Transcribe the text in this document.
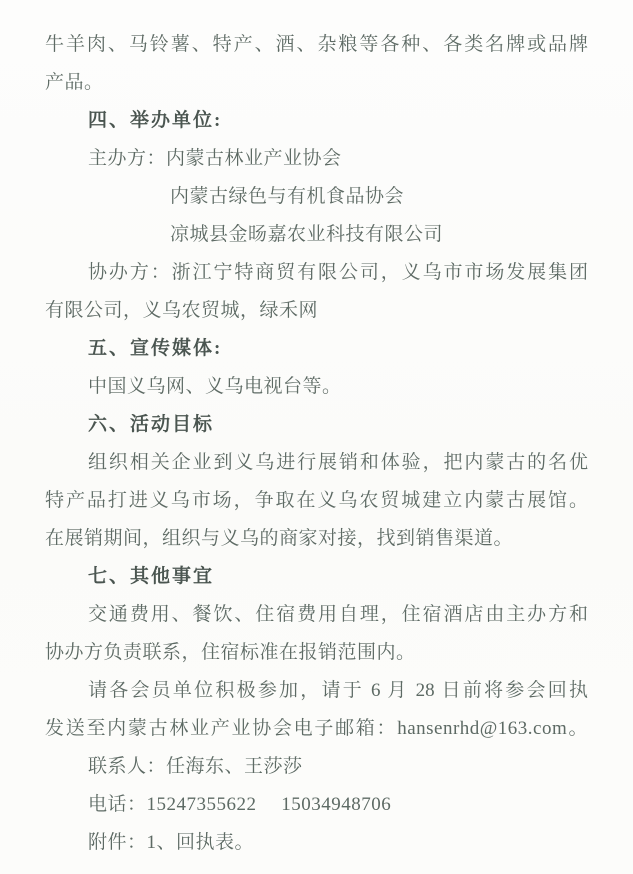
牛羊肉、马铃薯、特产、酒、杂粮等各种、各类名牌或品牌
产品。
四、举办单位:
主办方：内蒙古林业产业协会
内蒙古绿色与有机食品协会
凉城县金旸嘉农业科技有限公司
协办方：浙江宁特商贸有限公司，义乌市市场发展集团
有限公司，义乌农贸城，绿禾网
五、宣传媒体:
中国义乌网、义乌电视台等。
六、活动目标
组织相关企业到义乌进行展销和体验，把内蒙古的名优
特产品打进义乌市场，争取在义乌农贸城建立内蒙古展馆。
在展销期间，组织与义乌的商家对接，找到销售渠道。
七、其他事宜
交通费用、餐饮、住宿费用自理，住宿酒店由主办方和
协办方负责联系，住宿标准在报销范围内。
请各会员单位积极参加，请于 6 月 28 日前将参会回执
发送至内蒙古林业产业协会电子邮箱：hansenrhd@163.com。
联系人：任海东、王莎莎
电话：15247355622　 15034948706
附件：1、回执表。
